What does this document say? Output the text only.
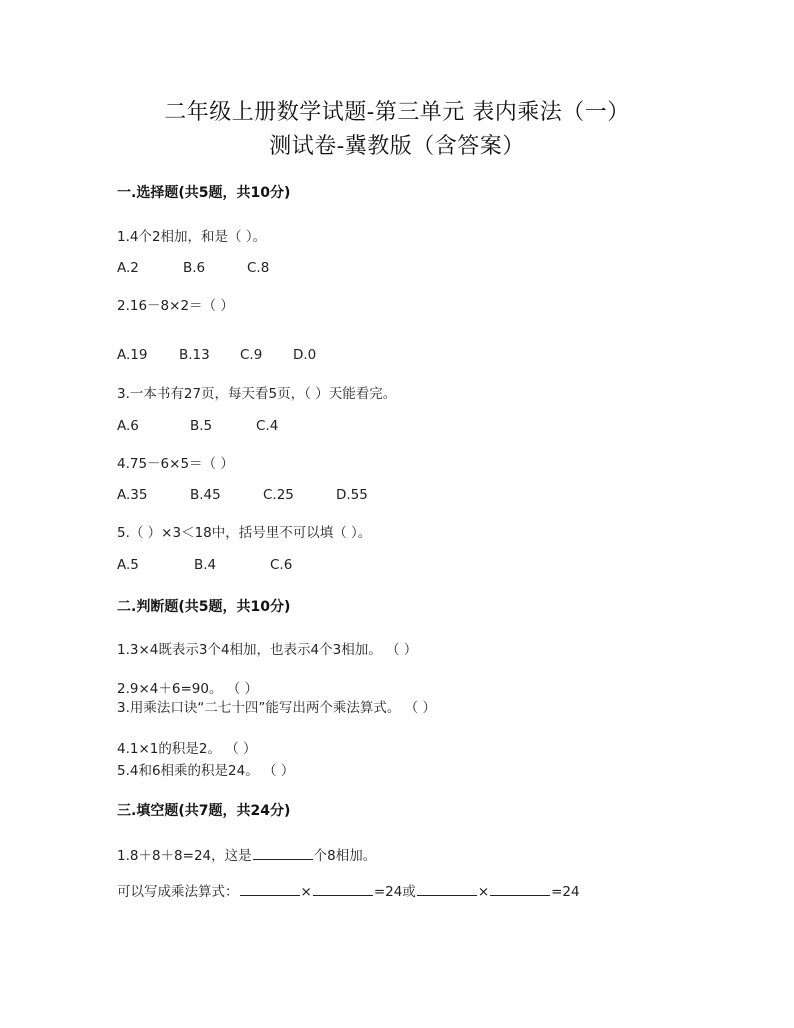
二年级上册数学试题-第三单元 表内乘法（一）
测试卷-冀教版（含答案）
一.选择题(共5题，共10分)
1.4个2相加，和是（ ）。
A.2	B.6	C.8
2.16－8×2＝（ ）
A.19 B.13 C.9 D.0
3.一本书有27页，每天看5页，（ ）天能看完。
A.6	B.5	C.4
4.75－6×5＝（ ）
A.35	B.45	C.25	D.55
5.（ ）×3＜18中，括号里不可以填（ ）。
A.5	B.4	C.6
二.判断题(共5题，共10分)
1.3×4既表示3个4相加，也表示4个3相加。 （ ）
2.9×4＋6=90。 （ ）
3.用乘法口诀“二七十四”能写出两个乘法算式。 （ ）
4.1×1的积是2。 （ ）
5.4和6相乘的积是24。 （ ）
三.填空题(共7题，共24分)
1.8＋8＋8=24，这是	个8相加。
可以写成乘法算式：	×	=24或	×	=24
